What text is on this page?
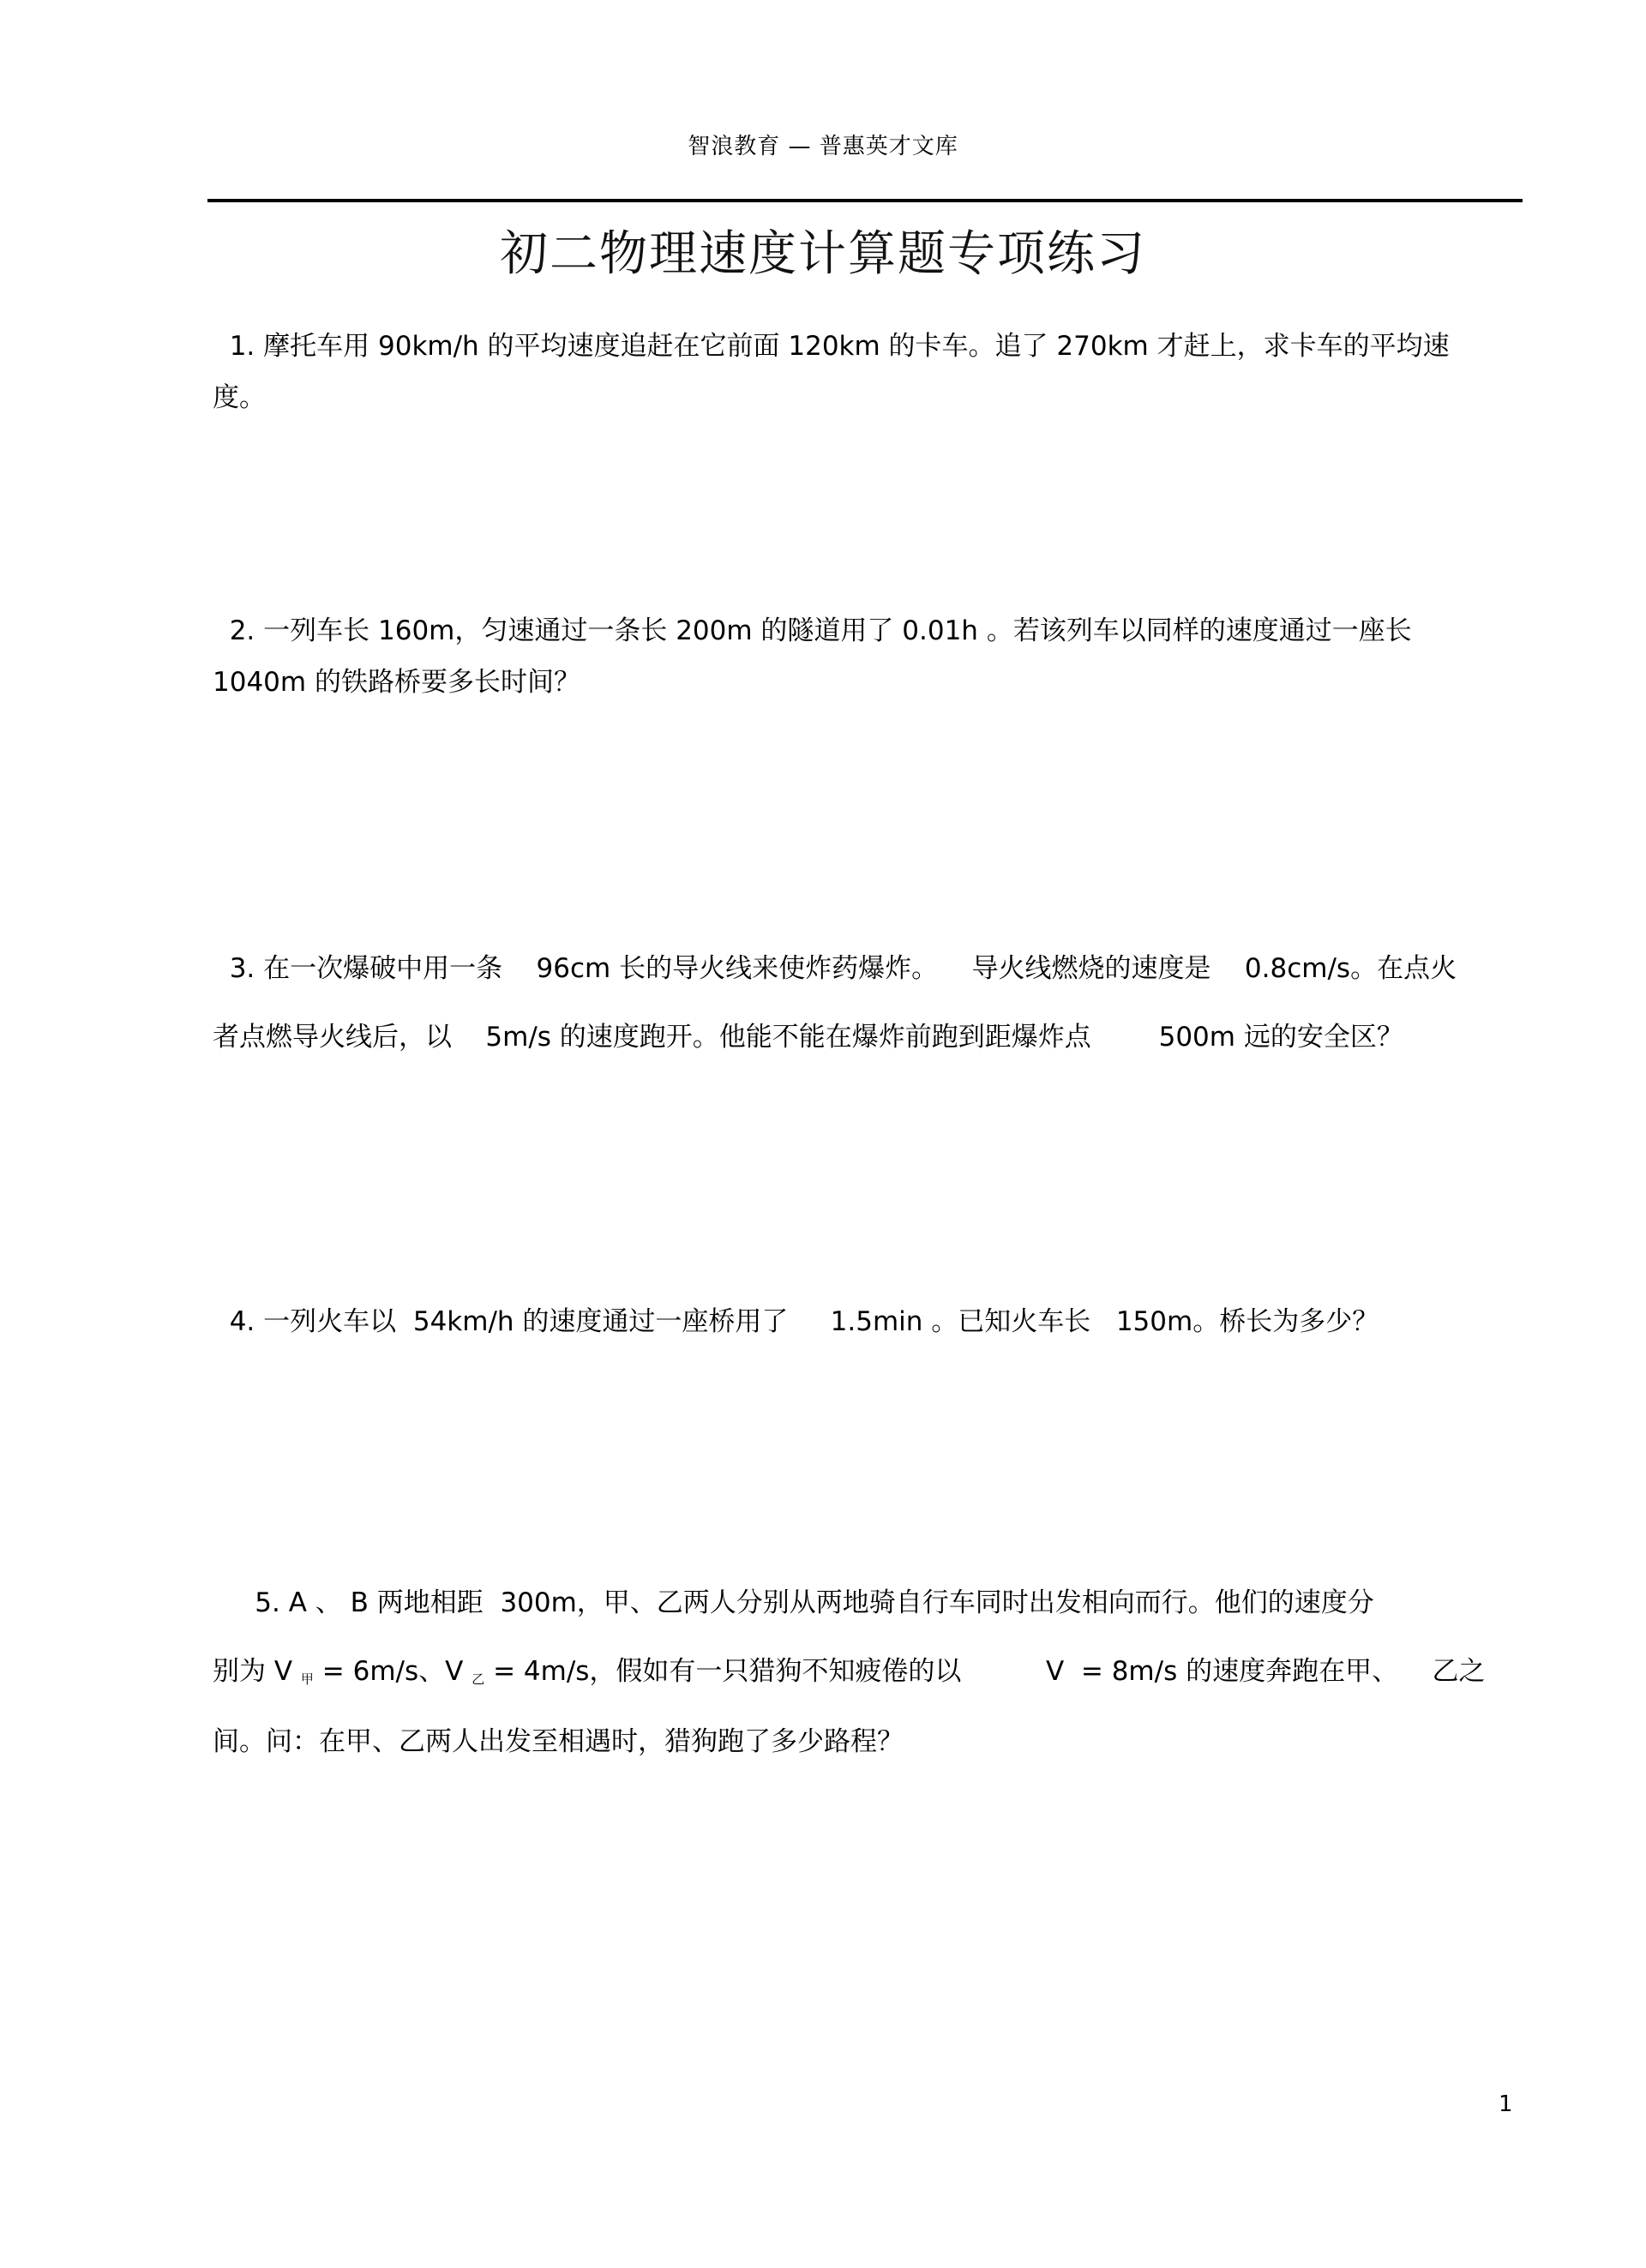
智浪教育 — 普惠英才文库
初二物理速度计算题专项练习

1. 摩托车用 90km/h 的平均速度追赶在它前面 120km 的卡车。追了 270km 才赶上，求卡车的平均速

度。

2. 一列车长 160m，匀速通过一条长 200m 的隧道用了 0.01h 。若该列车以同样的速度通过一座长

1040m 的铁路桥要多长时间？

3. 在一次爆破中用一条    96cm 长的导火线来使炸药爆炸。    导火线燃烧的速度是    0.8cm/s。在点火

者点燃导火线后，以    5m/s 的速度跑开。他能不能在爆炸前跑到距爆炸点        500m 远的安全区？

4. 一列火车以  54km/h 的速度通过一座桥用了     1.5min 。已知火车长   150m。桥长为多少？

5. A 、 B 两地相距  300m，甲、乙两人分别从两地骑自行车同时出发相向而行。他们的速度分

别为 V $_甲$ = 6m/s、V $_乙$ = 4m/s，假如有一只猎狗不知疲倦的以          V  = 8m/s 的速度奔跑在甲、    乙之

间。问：在甲、乙两人出发至相遇时，猎狗跑了多少路程？

1
